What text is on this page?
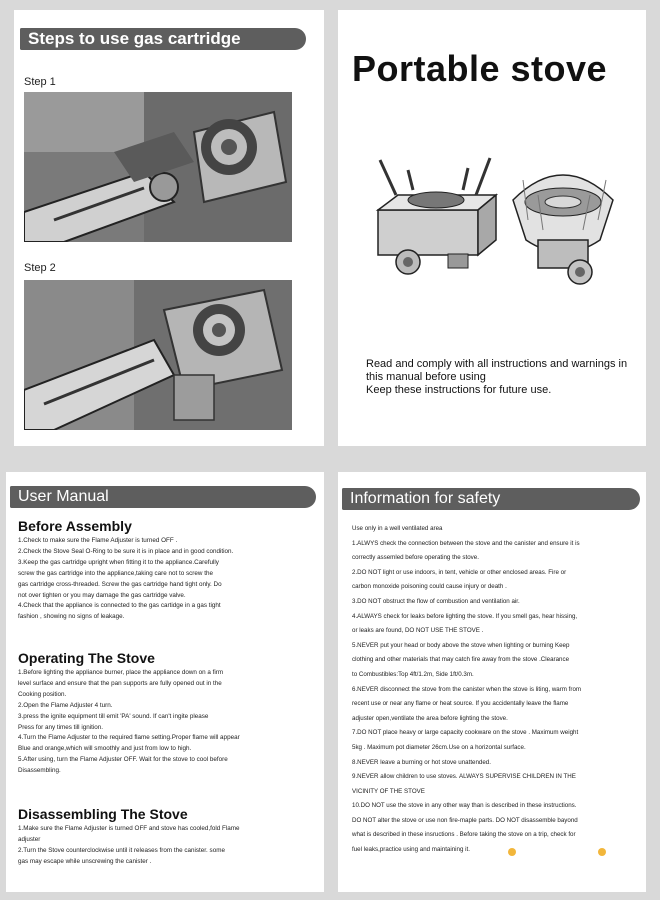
Steps to use gas cartridge
Step 1
Step 2
Portable stove
Read and comply with all instructions and warnings in
this manual before using
Keep these instructions for future use.
User Manual
Before Assembly
1.Check to make sure the Flame Adjuster is turned OFF .
2.Check the Stove Seal O-Ring to be sure it is in place and in good condition.
3.Keep the gas cartridge upright when fitting it to the appliance.Carefully
screw the gas cartridge into the appliance,taking care not to screw the
gas cartridge cross-threaded. Screw the gas cartridge hand tight only. Do
not over tighten or you may damage the gas cartridge valve.
4.Check that the appliance is connected to the gas cartidge in a gas tight
fashion , showing no signs of leakage.
Operating The Stove
1.Before lighting the appliance burner, place the appliance down on a firm
level surface and ensure that the pan supports are fully opened out in the
Cooking position.
2.Open the Flame Adjuster 4 turn.
3.press the ignite equipment till emit 'PA' sound. If can't ingite please
Press for any times till ignition.
4.Turn the Flame Adjuster to the required flame setting.Proper flame will appear
Blue and orange,which will smoothly and just from low to high.
5.After using, turn the Flame Adjuster OFF. Wait for the stove to cool before
Disassembling.
Disassembling The Stove
1.Make sure the Flame Adjuster is turned OFF and stove has cooled,fold Flame
adjuster
2.Turn the Stove counterclockwise until it releases from the canister. some
gas may escape while unscrewing the canister .
Information for safety
Use only in a well ventilated area
1.ALWYS check the connection between the stove and the canister and ensure it is
correctly assemled before operating the stove.
2.DO NOT light or use indoors, in tent, vehicle or other enclosed areas. Fire or
carbon monoxide poisoning could cause injury or death .
3.DO NOT obstruct the flow of combustion and ventilation air.
4.ALWAYS check for leaks before lighting the stove. If you smell gas, hear hissing,
or leaks are found, DO NOT USE THE STOVE .
5.NEVER put your head or body above the stove when lighting or burning Keep
clothing and other materials that may catch fire away from the stove .Clearance
to Combustibles:Top 4ft/1.2m, Side 1ft/0.3m.
6.NEVER disconnect the stove from the canister when the stove is liting, warm from
recent use or near any flame or heat source. If you accidentally leave the flame
adjuster open,ventilate the area before lighting the stove.
7.DO NOT place heavy or large capacity cookware on the stove . Maximum weight
5kg . Maximum pot diameter 26cm.Use on a horizontal surface.
8.NEVER leave a burning or hot stove unattended.
9.NEVER allow children to use stoves. ALWAYS SUPERVISE CHILDREN IN THE
VICINITY OF THE STOVE
10.DO NOT use the stove in any other way than is described in these instructions.
DO NOT alter the stove or use non fire-maple parts. DO NOT disassemble bayond
what is described in these insructions . Before taking the stove on a trip, check for
fuel leaks,practice using and maintaining it.
